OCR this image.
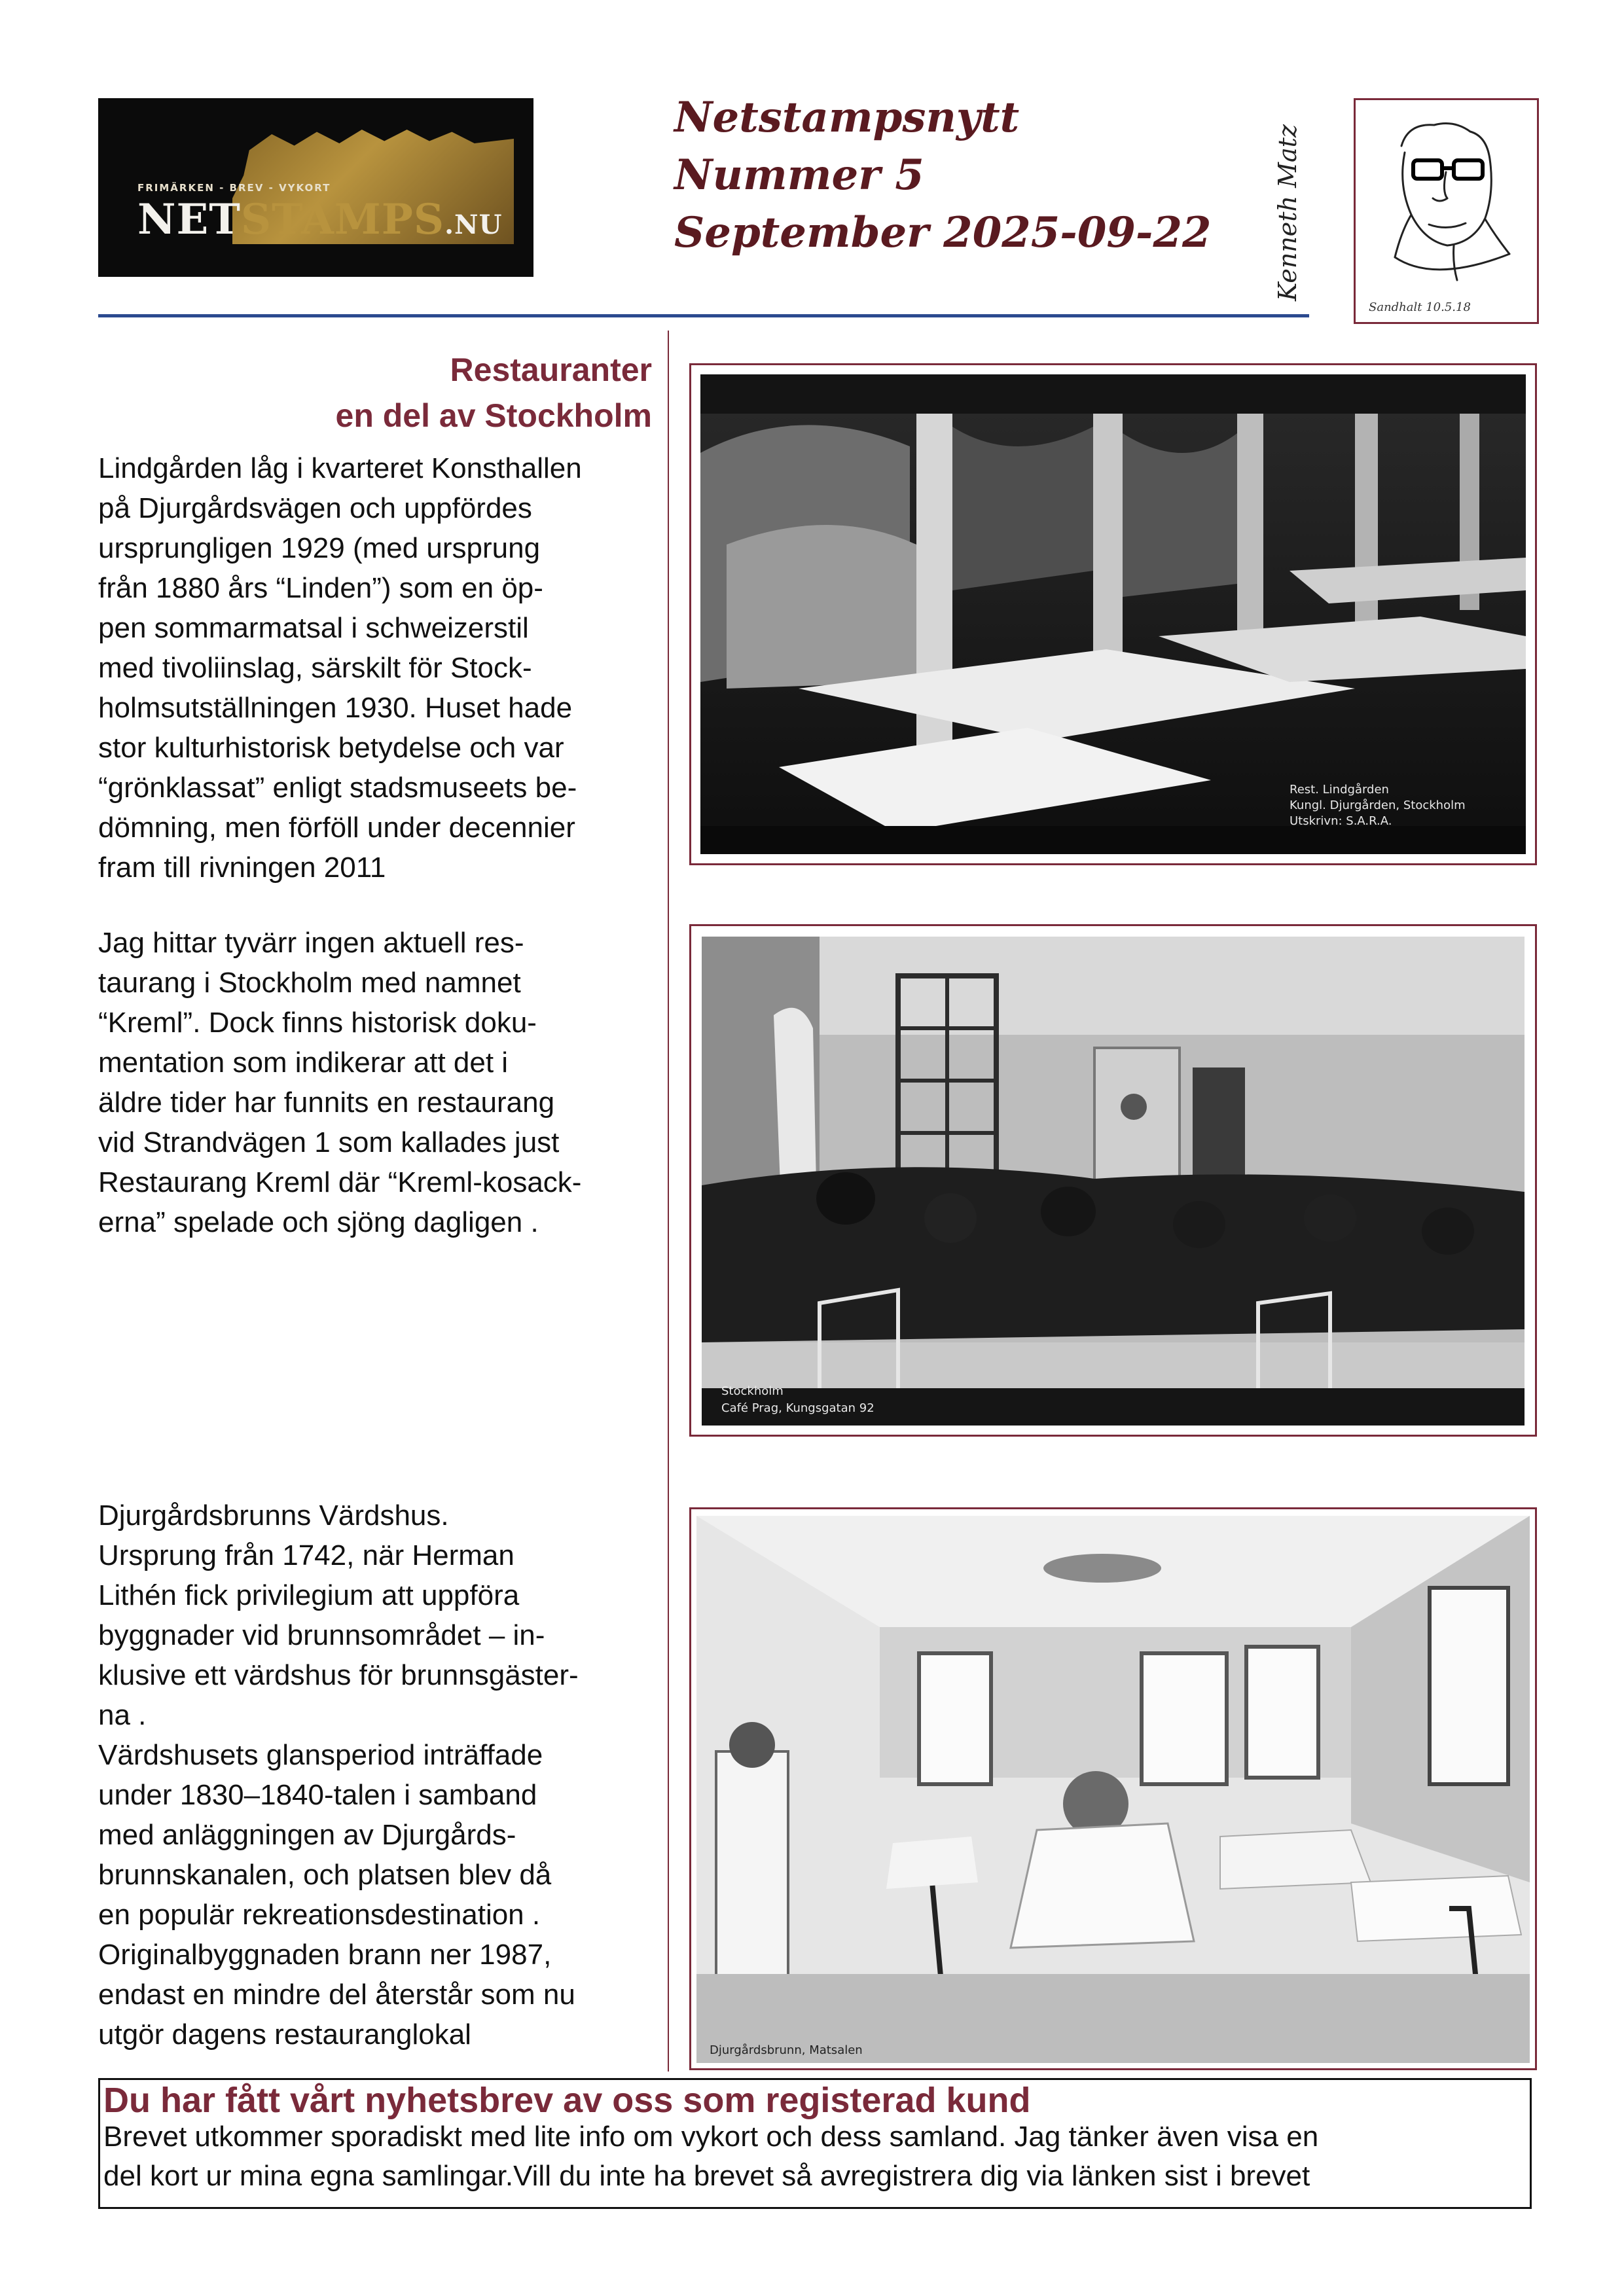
FRIMÄRKEN - BREV - VYKORT
NETSTAMPS.NU
Netstampsnytt
Nummer 5
September 2025-09-22 Kenneth Matz
Sandhalt 10.5.18
Restauranter
en del av Stockholm
Lindgården låg i kvarteret Konsthallen
på Djurgårdsvägen och uppfördes
ursprungligen 1929 (med ursprung
från 1880 års “Linden”) som en öp-
pen sommarmatsal i schweizerstil
med tivoliinslag, särskilt för Stock-
holmsutställningen 1930. Huset hade
stor kulturhistorisk betydelse och var
“grönklassat” enligt stadsmuseets be-
dömning, men förföll under decennier
fram till rivningen 2011
Rest. Lindgården
Kungl. Djurgården, Stockholm
Utskrivn: S.A.R.A.
Jag hittar tyvärr ingen aktuell res-
taurang i Stockholm med namnet
“Kreml”. Dock finns historisk doku-
mentation som indikerar att det i
äldre tider har funnits en restaurang
vid Strandvägen 1 som kallades just
Restaurang Kreml där “Kreml-kosack-
erna” spelade och sjöng dagligen .
Stockholm
Café Prag, Kungsgatan 92
Djurgårdsbrunns Värdshus.
Ursprung från 1742, när Herman
Lithén fick privilegium att uppföra
byggnader vid brunnsområdet – in-
klusive ett värdshus för brunnsgäster-
na .
Värdshusets glansperiod inträffade
under 1830–1840-talen i samband
med anläggningen av Djurgårds-
brunnskanalen, och platsen blev då
en populär rekreationsdestination .
Originalbyggnaden brann ner 1987,
endast en mindre del återstår som nu
utgör dagens restauranglokal	Djurgårdsbrunn, Matsalen
Du har fått vårt nyhetsbrev av oss som registerad kund
Brevet utkommer sporadiskt med lite info om vykort och dess samland. Jag tänker även visa en
del kort ur mina egna samlingar.Vill du inte ha brevet så avregistrera dig via länken sist i brevet
